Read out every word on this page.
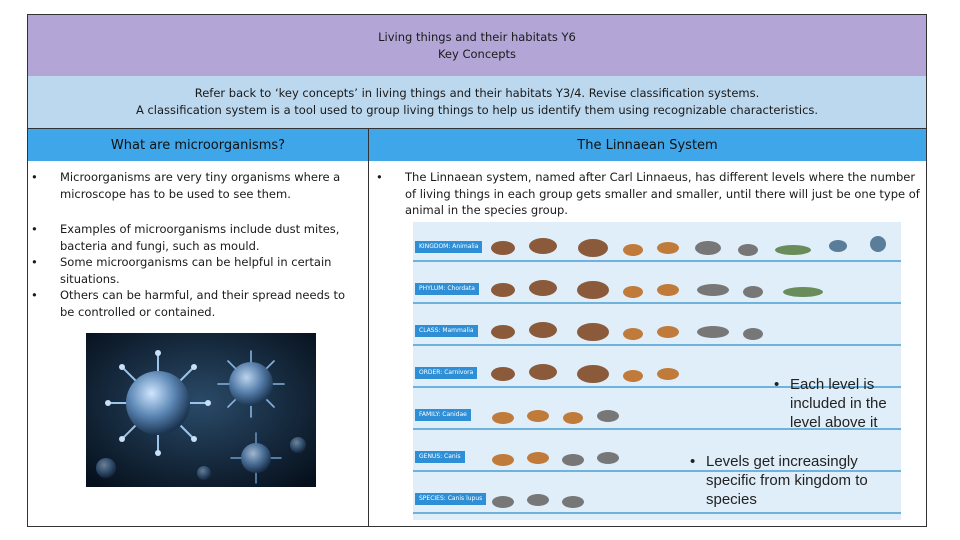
Living things and their habitats Y6
Key Concepts
Refer back to ‘key concepts’ in living things and their habitats Y3/4. Revise classification systems.
A classification system is a tool used to group living things to help us identify them using recognizable characteristics.
What are microorganisms?	The Linnaean System
• Microorganisms are very tiny organisms where a microscope has to be used to see them.
• Examples of microorganisms include dust mites, bacteria and fungi, such as mould.
• Some microorganisms can be helpful in certain situations.
• Others can be harmful, and their spread needs to be controlled or contained.
• The Linnaean system, named after Carl Linnaeus, has different levels where the number of living things in each group gets smaller and smaller, until there will just be one type of animal in the species group.
KINGDOM: Animalia
PHYLUM: Chordata
CLASS: Mammalia
ORDER: Carnivora
FAMILY: Canidae
GENUS: Canis
SPECIES: Canis lupus
• Each level is included in the level above it
• Levels get increasingly specific from kingdom to species
